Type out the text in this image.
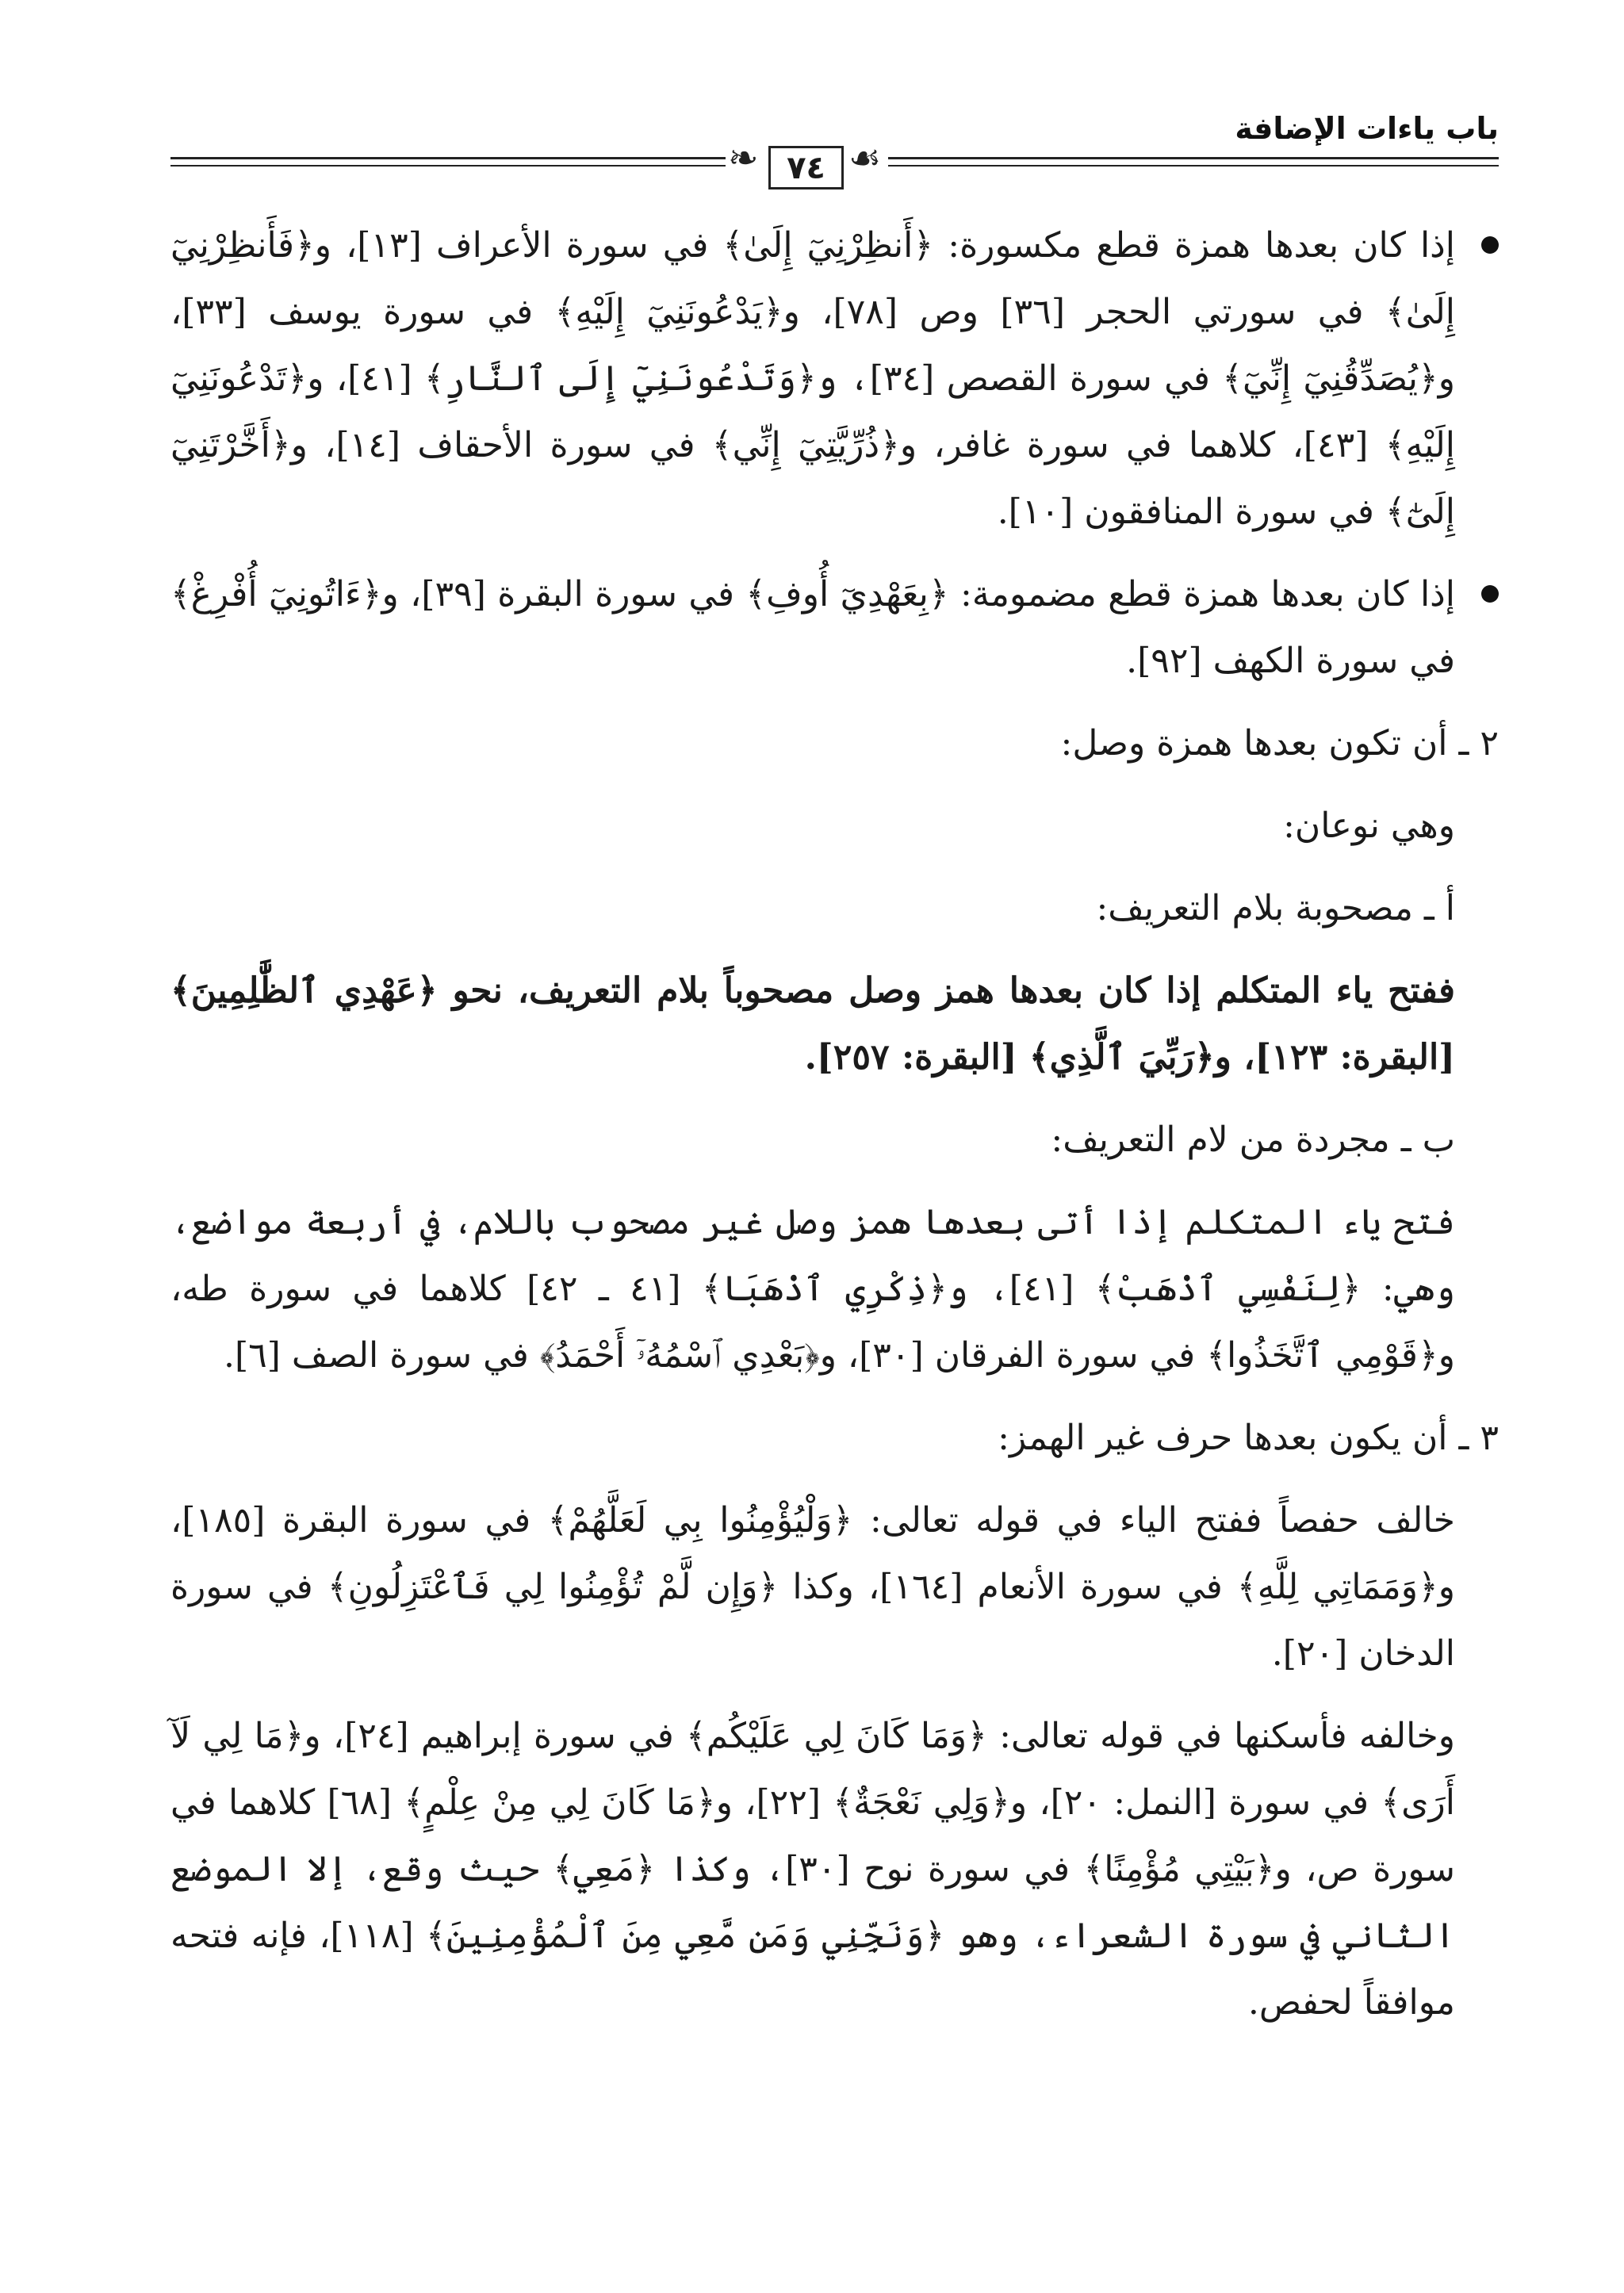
باب ياءات الإضافة
❧ ٧٤ ☙

إذا كان بعدها همزة قطع مكسورة: ﴿أَنظِرْنِيٓ إِلَىٰ﴾ في سورة الأعراف [١٣]، و﴿فَأَنظِرْنِيٓ إِلَىٰ﴾ في سورتي الحجر [٣٦] وص [٧٨]، و﴿يَدْعُونَنِيٓ إِلَيْهِ﴾ في سورة يوسف [٣٣]، و﴿يُصَدِّقُنِيٓ إِنِّيٓ﴾ في سورة القصص [٣٤]، و﴿وَتَدْعُونَنِيٓ إِلَى ٱلنَّارِ﴾ [٤١]، و﴿تَدْعُونَنِيٓ إِلَيْهِ﴾ [٤٣]، كلاهما في سورة غافر، و﴿ذُرِّيَّتِيٓ إِنِّي﴾ في سورة الأحقاف [١٤]، و﴿أَخَّرْتَنِيٓ إِلَىٰٓ﴾ في سورة المنافقون [١٠].

إذا كان بعدها همزة قطع مضمومة: ﴿بِعَهْدِيٓ أُوفِ﴾ في سورة البقرة [٣٩]، و﴿ءَاتُونِيٓ أُفْرِغْ﴾ في سورة الكهف [٩٢].

٢ ـ أن تكون بعدها همزة وصل:

وهي نوعان:

أ ـ مصحوبة بلام التعريف:

ففتح ياء المتكلم إذا كان بعدها همز وصل مصحوباً بلام التعريف، نحو ﴿عَهْدِي ٱلظَّٰلِمِينَ﴾ [البقرة: ١٢٣]، و﴿رَبِّيَ ٱلَّذِي﴾ [البقرة: ٢٥٧].

ب ـ مجردة من لام التعريف:

فتح ياء المتكلم إذا أتى بعدها همز وصل غير مصحوب باللام، في أربعة مواضع، وهي: ﴿لِنَفْسِي ٱذْهَبْ﴾ [٤١]، و﴿ذِكْرِي ٱذْهَبَا﴾ [٤١ ـ ٤٢] كلاهما في سورة طه، و﴿قَوْمِي ٱتَّخَذُوا﴾ في سورة الفرقان [٣٠]، و﴿بَعْدِي ٱسْمُهُۥٓ أَحْمَدُ﴾ في سورة الصف [٦].

٣ ـ أن يكون بعدها حرف غير الهمز:

خالف حفصاً ففتح الياء في قوله تعالى: ﴿وَلْيُؤْمِنُوا بِي لَعَلَّهُمْ﴾ في سورة البقرة [١٨٥]، و﴿وَمَمَاتِي لِلَّهِ﴾ في سورة الأنعام [١٦٤]، وكذا ﴿وَإِن لَّمْ تُؤْمِنُوا لِي فَٱعْتَزِلُونِ﴾ في سورة الدخان [٢٠].

وخالفه فأسكنها في قوله تعالى: ﴿وَمَا كَانَ لِي عَلَيْكُم﴾ في سورة إبراهيم [٢٤]، و﴿مَا لِي لَآ أَرَى﴾ في سورة [النمل: ٢٠]، و﴿وَلِي نَعْجَةٌ﴾ [٢٢]، و﴿مَا كَانَ لِي مِنْ عِلْمٍ﴾ [٦٨] كلاهما في سورة ص، و﴿بَيْتِي مُؤْمِنًا﴾ في سورة نوح [٣٠]، وكذا ﴿مَعِي﴾ حيث وقع، إلا الموضع الثاني في سورة الشعراء، وهو ﴿وَنَجِّنِي وَمَن مَّعِي مِنَ ٱلْمُؤْمِنِينَ﴾ [١١٨]، فإنه فتحه موافقاً لحفص.
